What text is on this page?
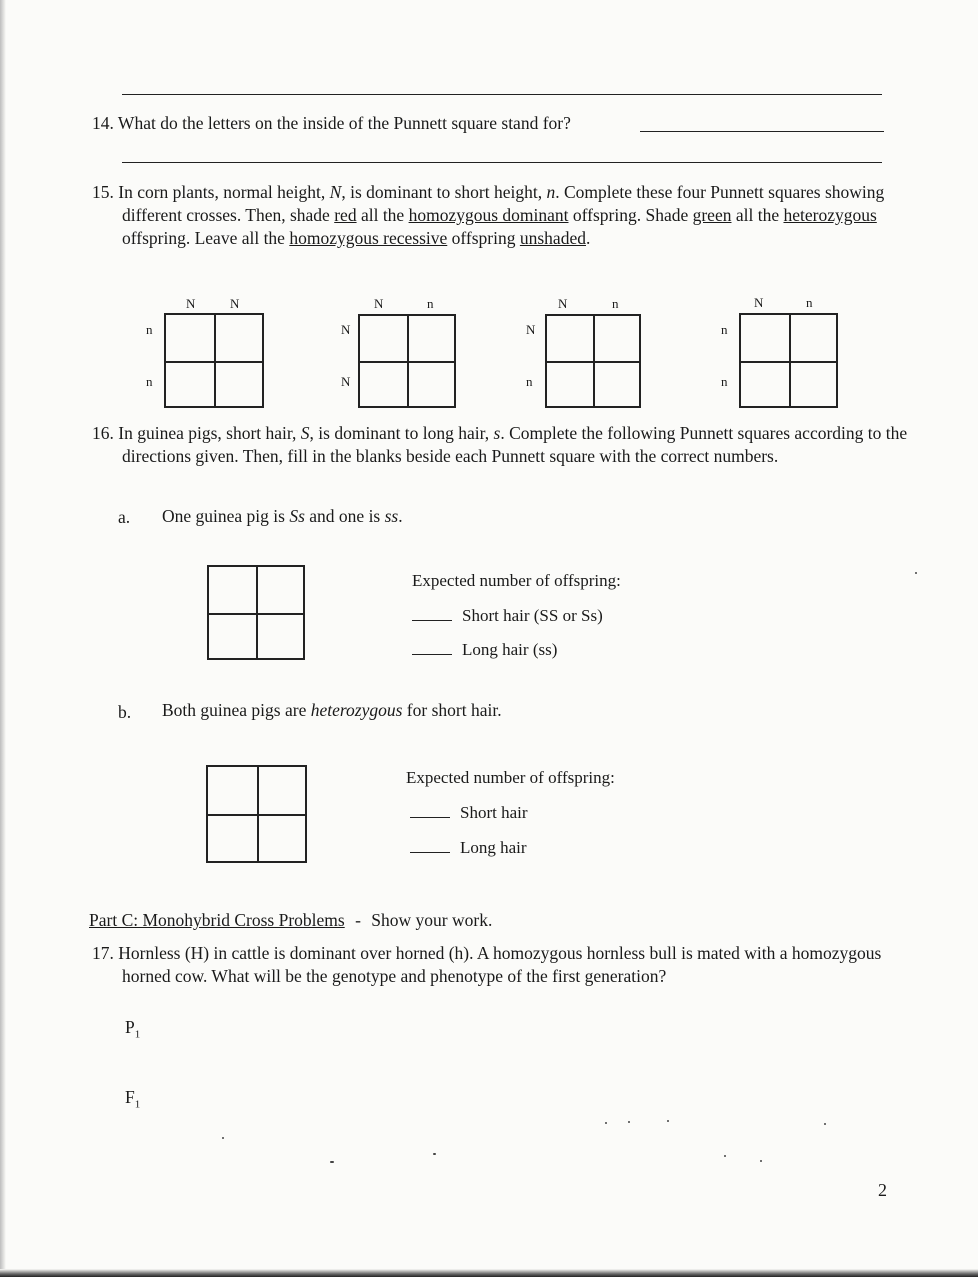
14. What do the letters on the inside of the Punnett square stand for?
15. In corn plants, normal height, N, is dominant to short height, n. Complete these four Punnett squares showing different crosses. Then, shade red all the homozygous dominant offspring. Shade green all the heterozygous offspring. Leave all the homozygous recessive offspring unshaded.
N	N
n
n
N	n
N
N
N	n
N
n
N	n
n
n
16. In guinea pigs, short hair, S, is dominant to long hair, s. Complete the following Punnett squares according to the directions given. Then, fill in the blanks beside each Punnett square with the correct numbers.
a. One guinea pig is Ss and one is ss.
Expected number of offspring:
Short hair (SS or Ss)
Long hair (ss)
b. Both guinea pigs are heterozygous for short hair.
Expected number of offspring:
Short hair
Long hair
Part C: Monohybrid Cross Problems - Show your work.
17. Hornless (H) in cattle is dominant over horned (h). A homozygous hornless bull is mated with a homozygous horned cow. What will be the genotype and phenotype of the first generation?
$P_1$
$F_1$
2
